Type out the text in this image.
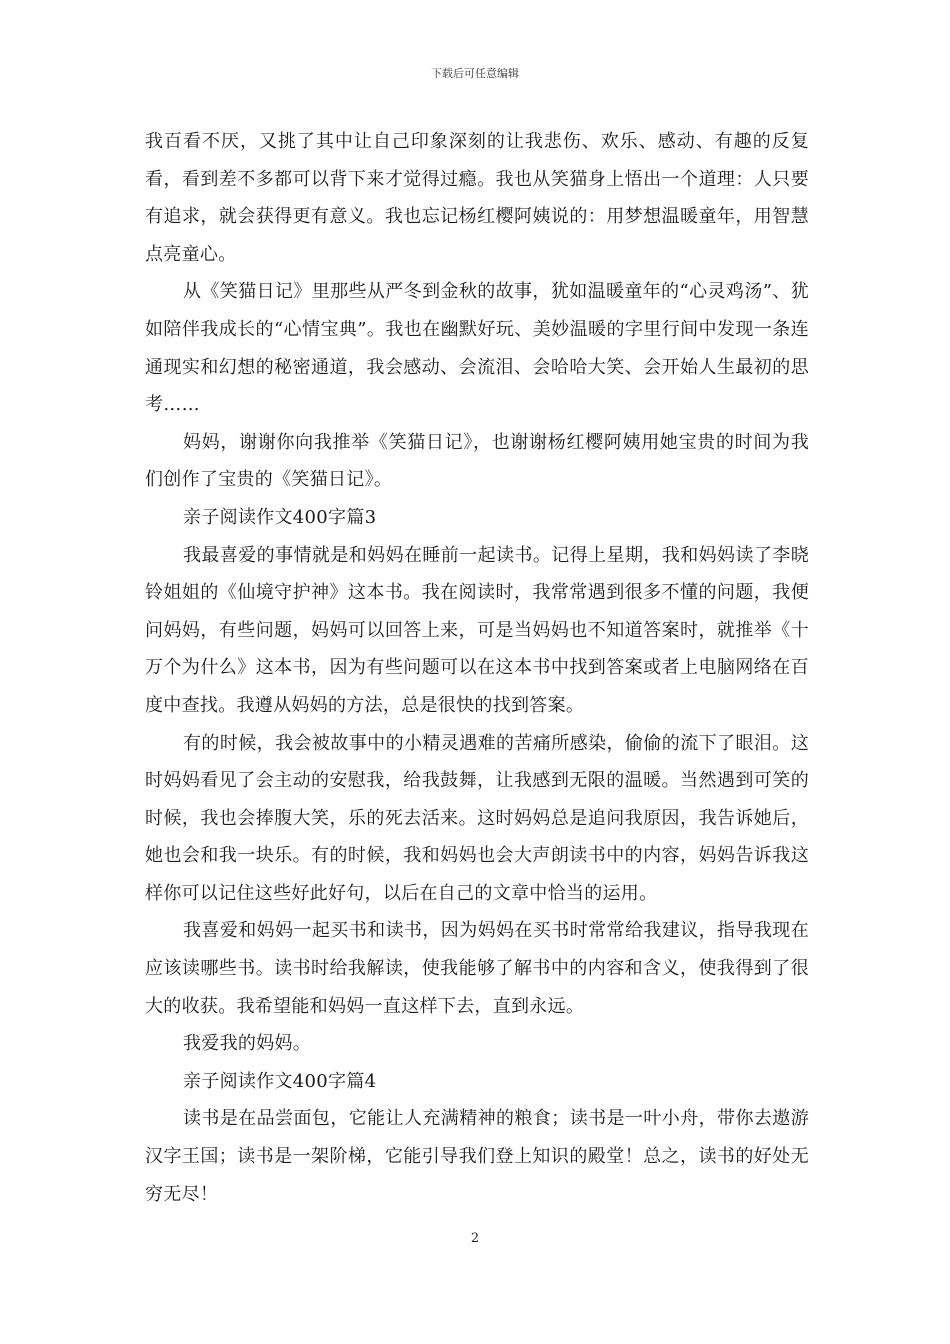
下载后可任意编辑

我百看不厌，又挑了其中让自己印象深刻的让我悲伤、欢乐、感动、有趣的反复看，看到差不多都可以背下来才觉得过瘾。我也从笑猫身上悟出一个道理：人只要有追求，就会获得更有意义。我也忘记杨红樱阿姨说的：用梦想温暖童年，用智慧点亮童心。

从《笑猫日记》里那些从严冬到金秋的故事，犹如温暖童年的“心灵鸡汤”、犹如陪伴我成长的“心情宝典”。我也在幽默好玩、美妙温暖的字里行间中发现一条连通现实和幻想的秘密通道，我会感动、会流泪、会哈哈大笑、会开始人生最初的思考……

妈妈，谢谢你向我推举《笑猫日记》，也谢谢杨红樱阿姨用她宝贵的时间为我们创作了宝贵的《笑猫日记》。

亲子阅读作文400字篇3

我最喜爱的事情就是和妈妈在睡前一起读书。记得上星期，我和妈妈读了李晓铃姐姐的《仙境守护神》这本书。我在阅读时，我常常遇到很多不懂的问题，我便问妈妈，有些问题，妈妈可以回答上来，可是当妈妈也不知道答案时，就推举《十万个为什么》这本书，因为有些问题可以在这本书中找到答案或者上电脑网络在百度中查找。我遵从妈妈的方法，总是很快的找到答案。

有的时候，我会被故事中的小精灵遇难的苦痛所感染，偷偷的流下了眼泪。这时妈妈看见了会主动的安慰我，给我鼓舞，让我感到无限的温暖。当然遇到可笑的时候，我也会捧腹大笑，乐的死去活来。这时妈妈总是追问我原因，我告诉她后，她也会和我一块乐。有的时候，我和妈妈也会大声朗读书中的内容，妈妈告诉我这样你可以记住这些好此好句，以后在自己的文章中恰当的运用。

我喜爱和妈妈一起买书和读书，因为妈妈在买书时常常给我建议，指导我现在应该读哪些书。读书时给我解读，使我能够了解书中的内容和含义，使我得到了很大的收获。我希望能和妈妈一直这样下去，直到永远。

我爱我的妈妈。

亲子阅读作文400字篇4

读书是在品尝面包，它能让人充满精神的粮食；读书是一叶小舟，带你去遨游汉字王国；读书是一架阶梯，它能引导我们登上知识的殿堂！总之，读书的好处无穷无尽！

2
